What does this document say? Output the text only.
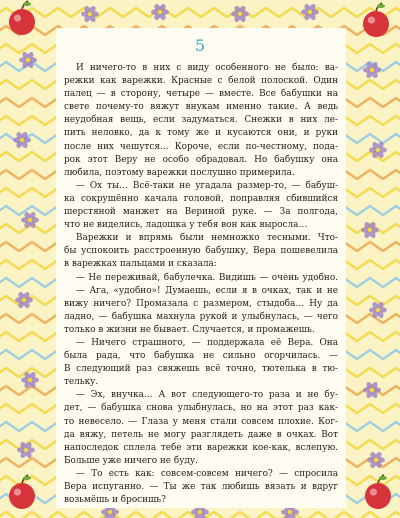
5
И ничего-то в них с виду особенного не было: ва-
режки как варежки. Красные с белой полоской. Один
палец — в сторону, четыре — вместе. Все бабушки на
свете почему-то вяжут внукам именно такие. А ведь
неудобная вещь, если задуматься. Снежки в них ле-
пить неловко, да к тому же и кусаются они, и руки
после них чешутся… Короче, если по-честному, пода-
рок этот Веру не особо обрадовал. Но бабушку она
любила, поэтому варежки послушно примерила.
— Ох ты… Всё-таки не угадала размер-то, — бабуш-
ка сокрушённо качала головой, поправляя сбившийся
шерстяной манжет на Вериной руке. — За полгода,
что не виделись, ладошка у тебя вон как выросла…
Варежки и впрямь были немножко тесными. Что-
бы успокоить расстроенную бабушку, Вера пошевелила
в варежках пальцами и сказала:
— Не переживай, бабулечка. Видишь — очень удобно.
— Ага, «удобно»! Думаешь, если я в очках, так и не
вижу ничего? Промазала с размером, стыдоба… Ну да
ладно, — бабушка махнула рукой и улыбнулась, — чего
только в жизни не бывает. Случается, и промажешь.
— Ничего страшного, — поддержала её Вера. Она
была рада, что бабушка не сильно огорчилась. —
В следующий раз свяжешь всё точно, тютелька в тю-
тельку.
— Эх, внучка… А вот следующего-то раза и не бу-
дет, — бабушка снова улыбнулась, но на этот раз как-
то невесело. — Глаза у меня стали совсем плохие. Ког-
да вяжу, петель не могу разглядеть даже в очках. Вот
напоследок сплела тебе эти варежки кое-как, вслепую.
Больше уже ничего не буду.
— То есть как: совсем-совсем ничего? — спросила
Вера испуганно. — Ты же так любишь вязать и вдруг
возьмёшь и бросишь?
